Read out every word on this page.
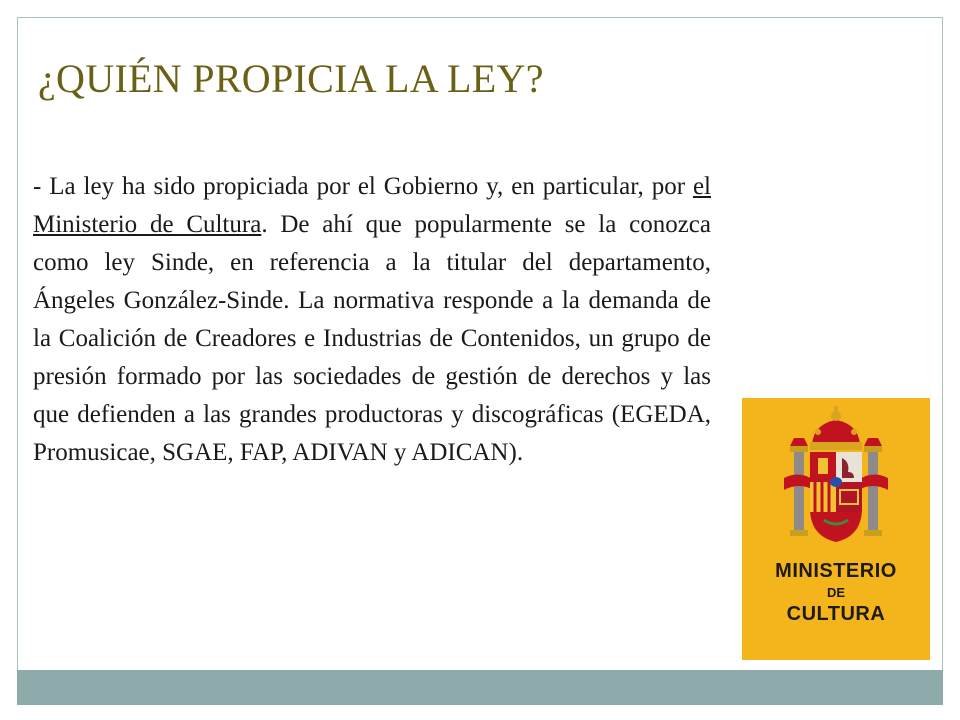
¿QUIÉN PROPICIA LA LEY?

- La ley ha sido propiciada por el Gobierno y, en particular, por el Ministerio de Cultura. De ahí que popularmente se la conozca como ley Sinde, en referencia a la titular del departamento, Ángeles González-Sinde. La normativa responde a la demanda de la Coalición de Creadores e Industrias de Contenidos, un grupo de presión formado por las sociedades de gestión de derechos y las que defienden a las grandes productoras y discográficas (EGEDA, Promusicae, SGAE, FAP, ADIVAN y ADICAN).

MINISTERIO
DE
CULTURA
